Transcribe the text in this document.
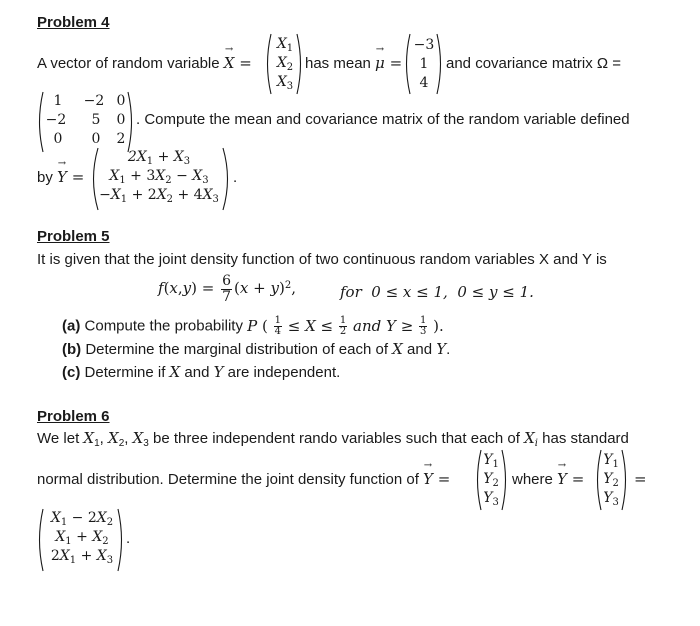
Problem 4
A vector of random variable → X =
$X_1$
$X_2$
$X_3$
has mean → μ =
−3
1
4
and covariance matrix Ω =
1	−2 0
−2	5	0
0	0	2
. Compute the mean and covariance matrix of the random variable defined
by → Y =
$2X_1 + X_3$
$X_1 + 3X_2 - X_3$
$-X_1 + 2X_2 + 4X_3$
.
Problem 5
It is given that the joint density function of two continuous random variables X and Y is
$f(x,y) = \frac{6}{7} (x + y)^2$,	for  0 ≤ x ≤ 1,  0 ≤ y ≤ 1.
(a) Compute the probability P ( $\frac{1}{4} \le X \le \frac{1}{2}$ and $Y \ge \frac{1}{3}$ ).
(b) Determine the marginal distribution of each of X and Y.
(c) Determine if X and Y are independent.
Problem 6
We let $X_1$, $X_2$, $X_3$ be three independent rando variables such that each of $X_i$ has standard
normal distribution. Determine the joint density function of → Y =
$Y_1$
$Y_2$
$Y_3$
where → Y =
$Y_1$
$Y_2$
$Y_3$
=
$X_1 - 2X_2$
$X_1 + X_2$
$2X_1 + X_3$
.
